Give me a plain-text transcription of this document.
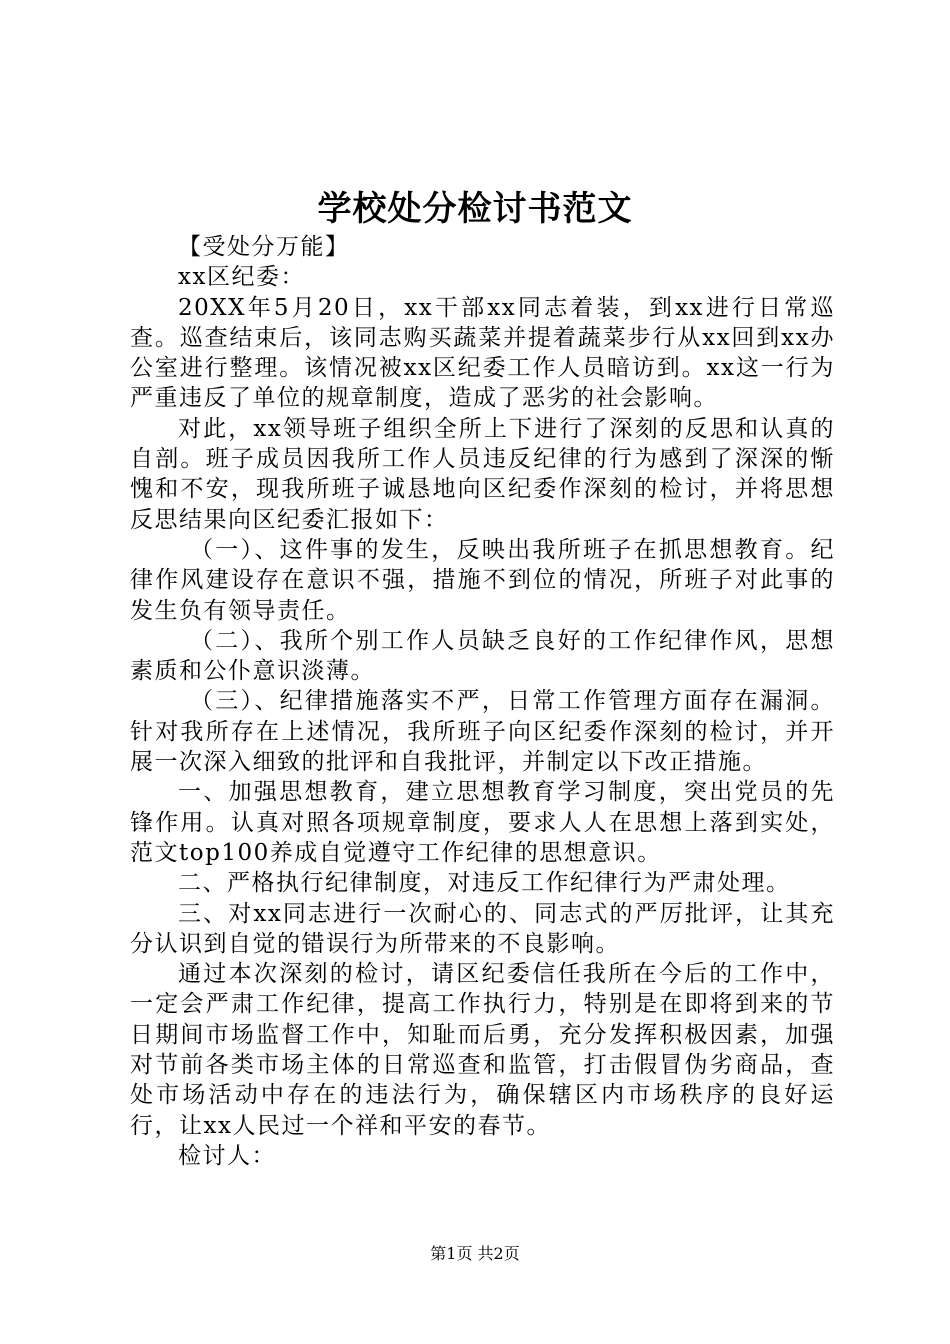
学校处分检讨书范文

【受处分万能】

xx区纪委：

20XX年5月20日，xx干部xx同志着装，到xx进行日常巡查。巡查结束后，该同志购买蔬菜并提着蔬菜步行从xx回到xx办公室进行整理。该情况被xx区纪委工作人员暗访到。xx这一行为严重违反了单位的规章制度，造成了恶劣的社会影响。

对此，xx领导班子组织全所上下进行了深刻的反思和认真的自剖。班子成员因我所工作人员违反纪律的行为感到了深深的惭愧和不安，现我所班子诚恳地向区纪委作深刻的检讨，并将思想反思结果向区纪委汇报如下：

（一）、这件事的发生，反映出我所班子在抓思想教育。纪律作风建设存在意识不强，措施不到位的情况，所班子对此事的发生负有领导责任。

（二）、我所个别工作人员缺乏良好的工作纪律作风，思想素质和公仆意识淡薄。

（三）、纪律措施落实不严，日常工作管理方面存在漏洞。针对我所存在上述情况，我所班子向区纪委作深刻的检讨，并开展一次深入细致的批评和自我批评，并制定以下改正措施。

一、加强思想教育，建立思想教育学习制度，突出党员的先锋作用。认真对照各项规章制度，要求人人在思想上落到实处，范文top100养成自觉遵守工作纪律的思想意识。

二、严格执行纪律制度，对违反工作纪律行为严肃处理。

三、对xx同志进行一次耐心的、同志式的严厉批评，让其充分认识到自觉的错误行为所带来的不良影响。

通过本次深刻的检讨，请区纪委信任我所在今后的工作中，一定会严肃工作纪律，提高工作执行力，特别是在即将到来的节日期间市场监督工作中，知耻而后勇，充分发挥积极因素，加强对节前各类市场主体的日常巡查和监管，打击假冒伪劣商品，查处市场活动中存在的违法行为，确保辖区内市场秩序的良好运行，让xx人民过一个祥和平安的春节。

检讨人：

第1页 共2页
